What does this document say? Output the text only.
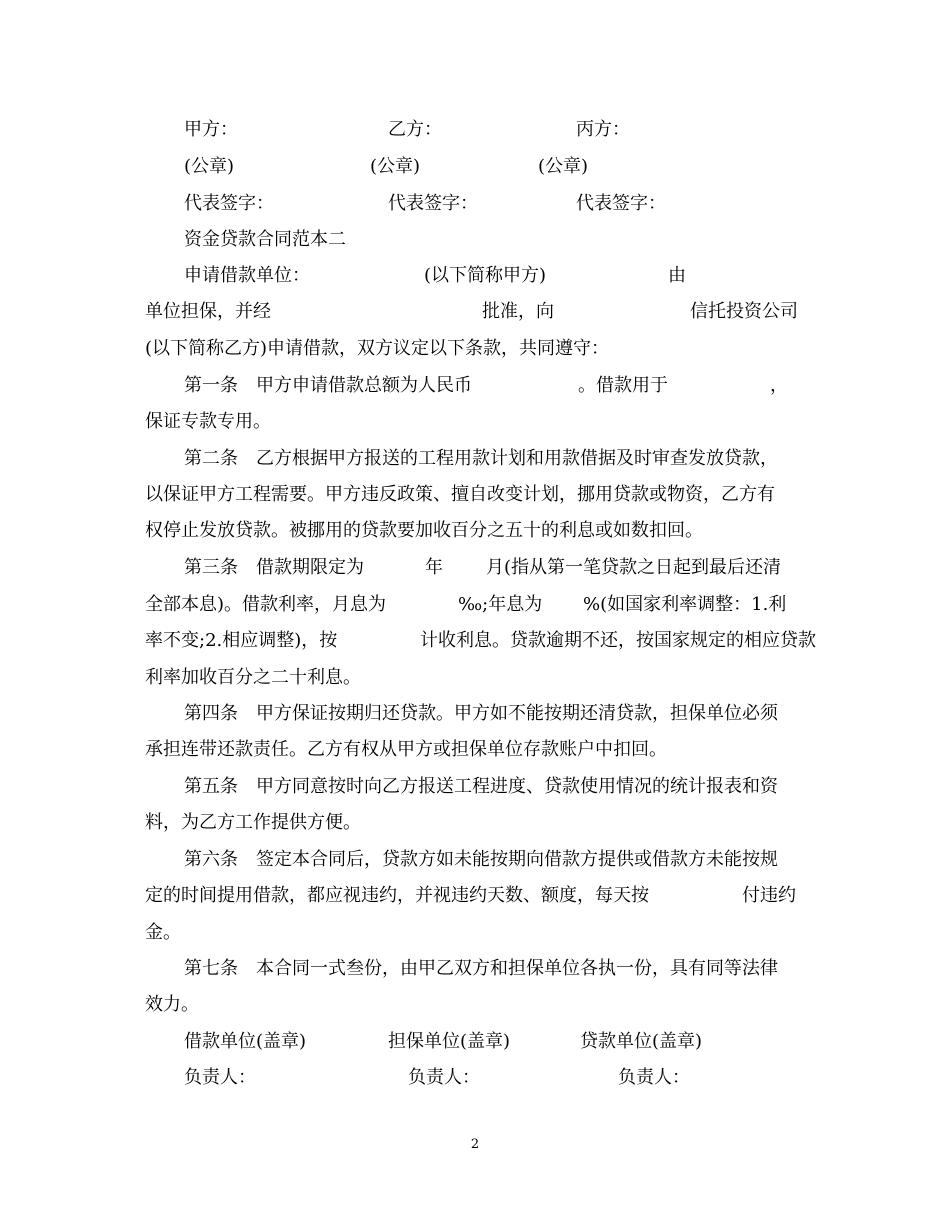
甲方：	乙方：	丙方：
(公章)	(公章)	(公章)
代表签字：	代表签字：	代表签字：
资金贷款合同范本二
申请借款单位：	(以下简称甲方)	由
单位担保，并经	批准，向	信托投资公司
(以下简称乙方)申请借款，双方议定以下条款，共同遵守：
第一条　甲方申请借款总额为人民币	。借款用于	，
保证专款专用。
第二条　乙方根据甲方报送的工程用款计划和用款借据及时审查发放贷款，
以保证甲方工程需要。甲方违反政策、擅自改变计划，挪用贷款或物资，乙方有
权停止发放贷款。被挪用的贷款要加收百分之五十的利息或如数扣回。
第三条　借款期限定为	年 月(指从第一笔贷款之日起到最后还清
全部本息)。借款利率，月息为	‰;年息为 %(如国家利率调整：1.利
率不变;2.相应调整)，按	计收利息。贷款逾期不还，按国家规定的相应贷款
利率加收百分之二十利息。
第四条　甲方保证按期归还贷款。甲方如不能按期还清贷款，担保单位必须
承担连带还款责任。乙方有权从甲方或担保单位存款账户中扣回。
第五条　甲方同意按时向乙方报送工程进度、贷款使用情况的统计报表和资
料，为乙方工作提供方便。
第六条　签定本合同后，贷款方如未能按期向借款方提供或借款方未能按规
定的时间提用借款，都应视违约，并视违约天数、额度，每天按	付违约
金。
第七条　本合同一式叁份，由甲乙双方和担保单位各执一份，具有同等法律
效力。
借款单位(盖章)	担保单位(盖章)	贷款单位(盖章)
负责人：	负责人：	负责人：
2
